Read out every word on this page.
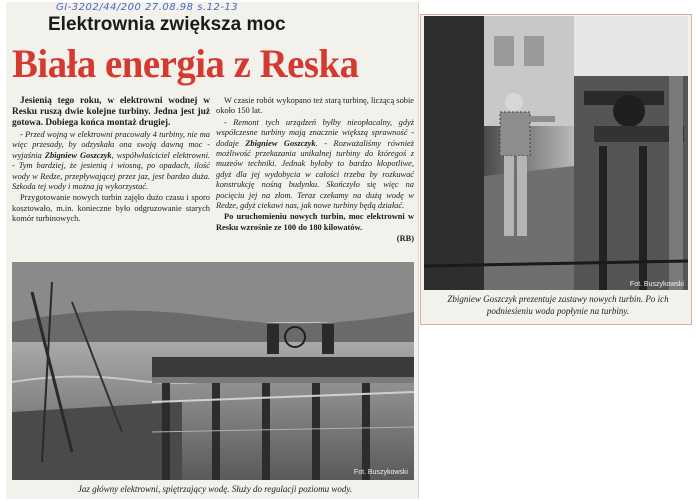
GI-3202/44/200 27.08.98 s.12-13
Elektrownia zwiększa moc
Biała energia z Reska

Jesienią tego roku, w elektrowni wodnej w Resku ruszą dwie kolejne turbiny. Jedna jest już gotowa. Dobiega końca montaż drugiej.

- Przed wojną w elektrowni pracowały 4 turbiny, nie ma więc przesady, by odzyskała ona swoją dawną moc - wyjaśnia Zbigniew Goszczyk, współwłaściciel elektrowni. - Tym bardziej, że jesienią i wiosną, po opadach, ilość wody w Redze, przepływającej przez jaz, jest bardzo duża. Szkoda tej wody i można ją wykorzystać.

Przygotowanie nowych turbin zajęło dużo czasu i sporo kosztowało, m.in. konieczne było odgruzowanie starych komór turbinowych.

W czasie robót wykopano też starą turbinę, liczącą sobie około 150 lat.

- Remont tych urządzeń byłby nieopłacalny, gdyż współczesne turbiny mają znacznie większą sprawność - dodaje Zbigniew Goszczyk. - Rozważaliśmy również możliwość przekazania unikalnej turbiny do któregoś z muzeów techniki. Jednak byłoby to bardzo kłopotliwe, gdyż dla jej wydobycia w całości trzeba by rozkuwać konstrukcję nośną budynku. Skończyło się więc na pocięciu jej na złom. Teraz czekamy na dużą wodę w Redze, gdyż ciekawi nas, jak nowe turbiny będą działać.

Po uruchomieniu nowych turbin, moc elektrowni w Resku wzrośnie ze 100 do 180 kilowatów.

(RB)
Fot. Buszykowski
Zbigniew Goszczyk prezentuje zastawy nowych turbin. Po ich podniesieniu woda popłynie na turbiny.
Fot. Buszykowski
Jaz główny elektrowni, spiętrzający wodę. Służy do regulacji poziomu wody.
